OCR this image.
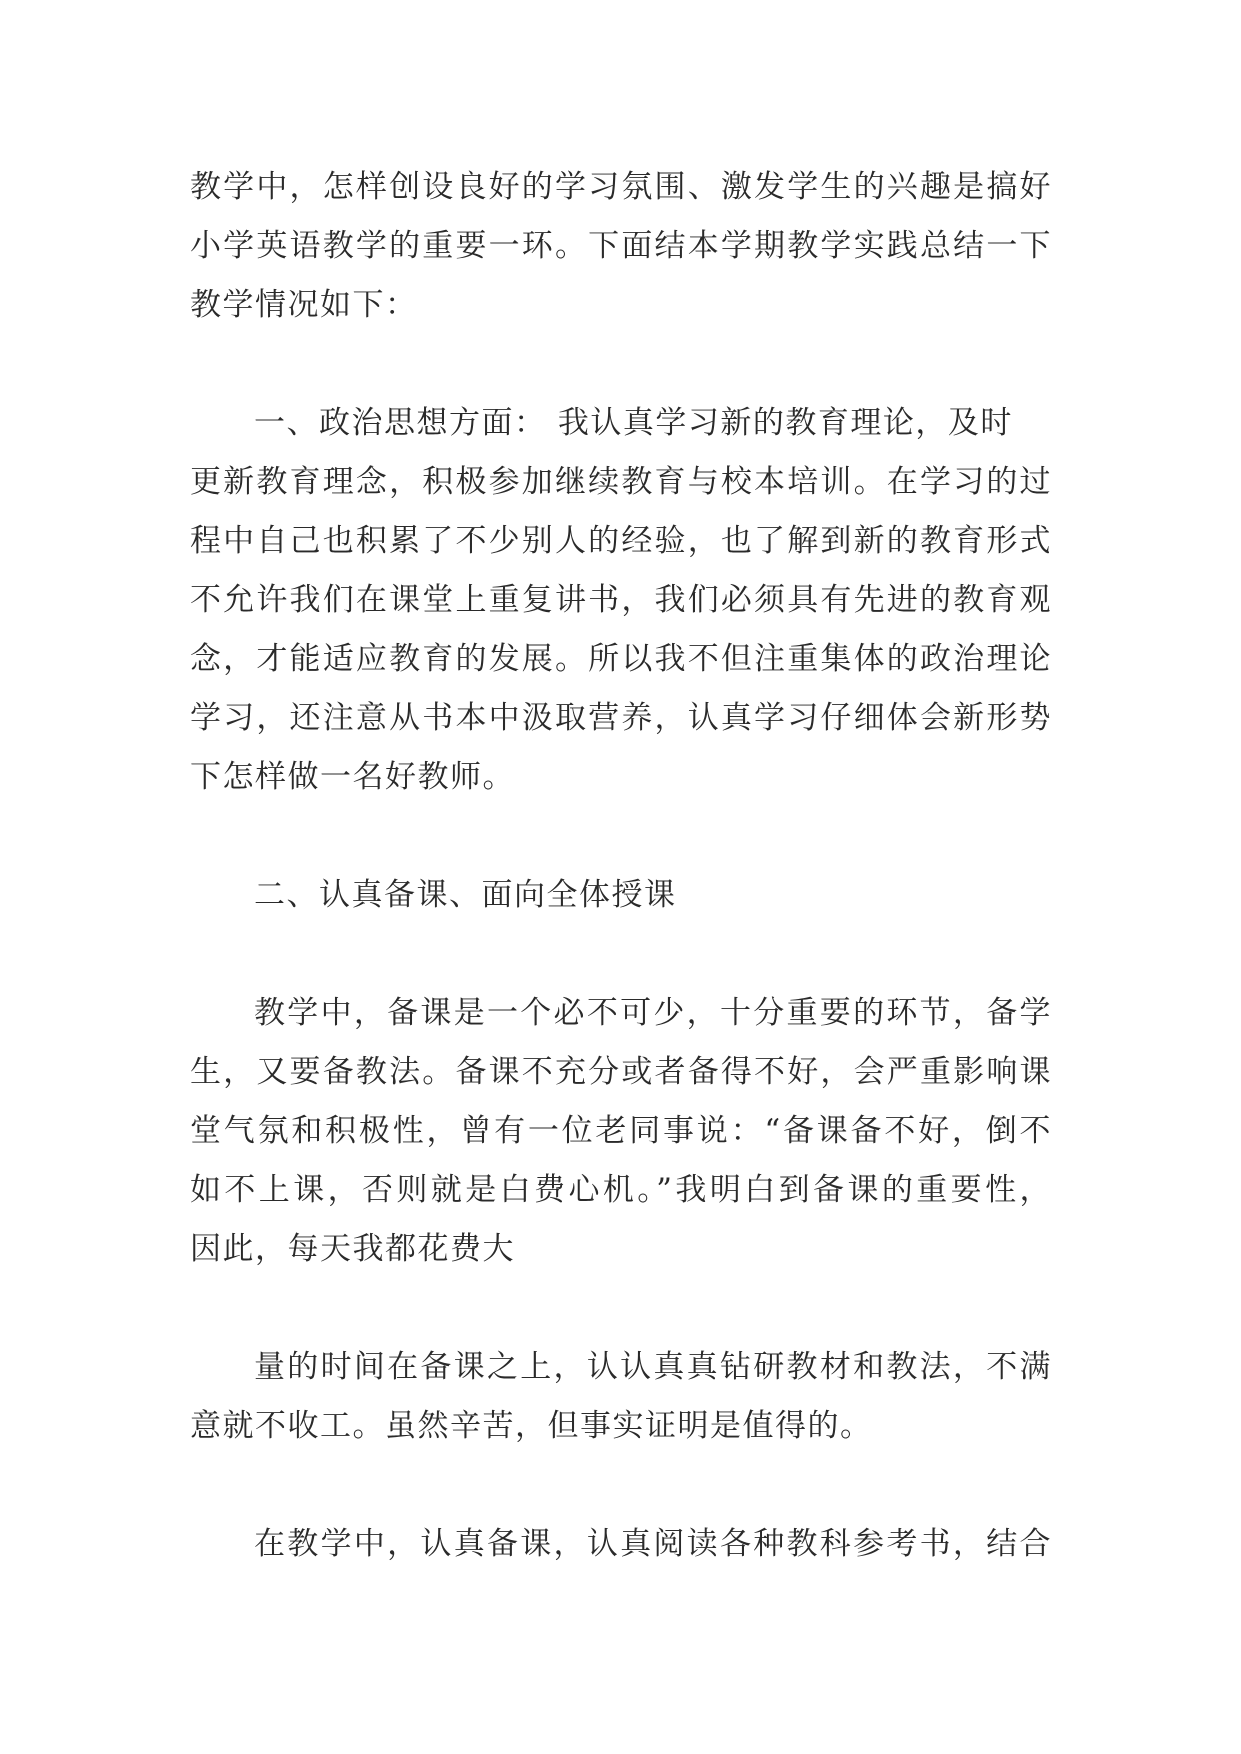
教学中，怎样创设良好的学习氛围、激发学生的兴趣是搞好
小学英语教学的重要一环。下面结本学期教学实践总结一下
教学情况如下：

一、政治思想方面： 我认真学习新的教育理论，及时
更新教育理念，积极参加继续教育与校本培训。在学习的过
程中自己也积累了不少别人的经验，也了解到新的教育形式
不允许我们在课堂上重复讲书，我们必须具有先进的教育观
念，才能适应教育的发展。所以我不但注重集体的政治理论
学习，还注意从书本中汲取营养，认真学习仔细体会新形势
下怎样做一名好教师。

二、认真备课、面向全体授课

教学中，备课是一个必不可少，十分重要的环节，备学
生，又要备教法。备课不充分或者备得不好，会严重影响课
堂气氛和积极性，曾有一位老同事说：“备课备不好，倒不
如不上课，否则就是白费心机。”我明白到备课的重要性，
因此，每天我都花费大

量的时间在备课之上，认认真真钻研教材和教法，不满
意就不收工。虽然辛苦，但事实证明是值得的。

在教学中，认真备课，认真阅读各种教科参考书，结合
